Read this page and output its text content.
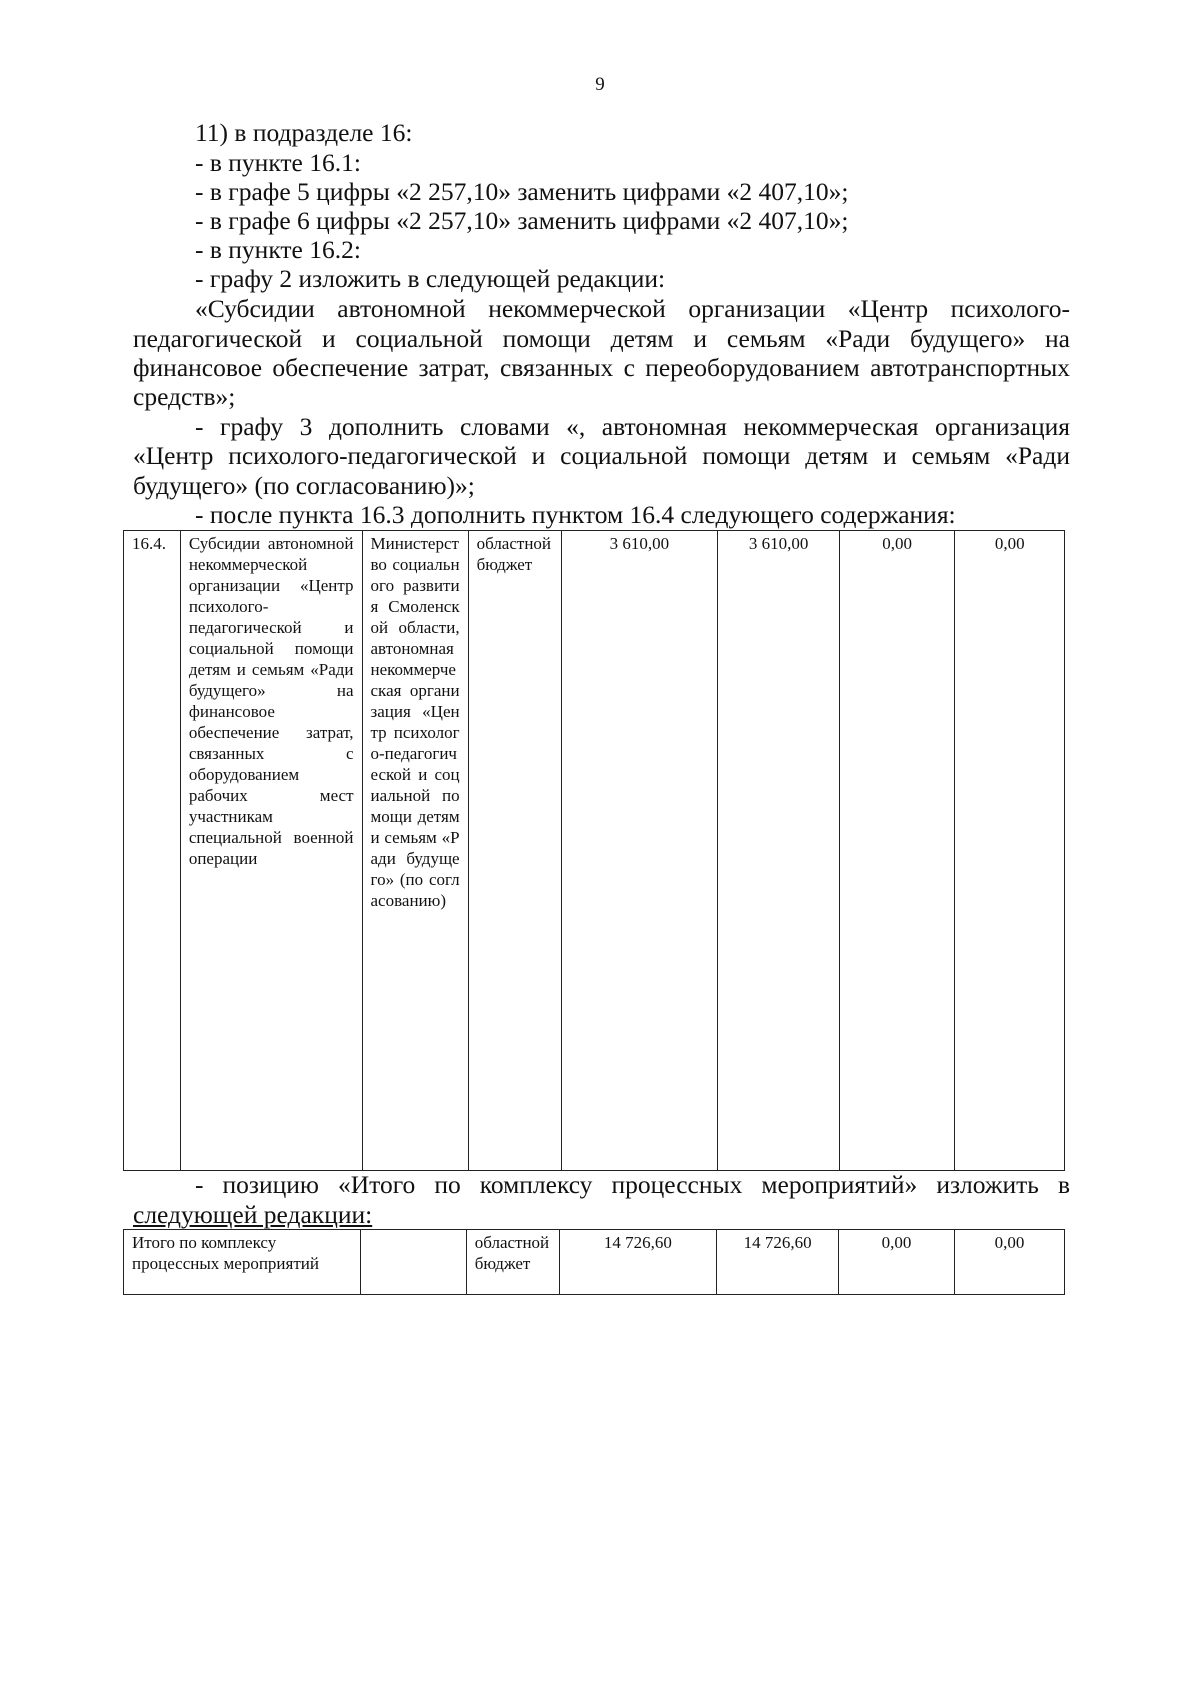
9
11) в подразделе 16:
- в пункте 16.1:
- в графе 5 цифры «2 257,10» заменить цифрами «2 407,10»;
- в графе 6 цифры «2 257,10» заменить цифрами «2 407,10»;
- в пункте 16.2:
- графу 2 изложить в следующей редакции:
«Субсидии автономной некоммерческой организации «Центр психолого-
педагогической и социальной помощи детям и семьям «Ради будущего» на
финансовое обеспечение затрат, связанных с переоборудованием автотранспортных
средств»;
- графу 3 дополнить словами «, автономная некоммерческая организация
«Центр психолого-педагогической и социальной помощи детям и семьям «Ради
будущего» (по согласованию)»;
- после пункта 16.3 дополнить пунктом 16.4 следующего содержания:
16.4.	Субсидии автономной некоммерческой организации «Центр психолого-педагогической и социальной помощи детям и семьям «Ради будущего» на финансовое обеспечение затрат, связанных с оборудованием рабочих мест участникам специальной военной операции	Министерство социального развития Смоленской области, автономная некоммерческая организация «Центр психолого-педагогической и социальной помощи детям и семьям «Ради будущего» (по согласованию)	областной бюджет	3 610,00	3 610,00	0,00	0,00
- позицию «Итого по комплексу процессных мероприятий» изложить в
следующей редакции:
Итого по комплексу процессных мероприятий		областной бюджет	14 726,60	14 726,60	0,00	0,00
